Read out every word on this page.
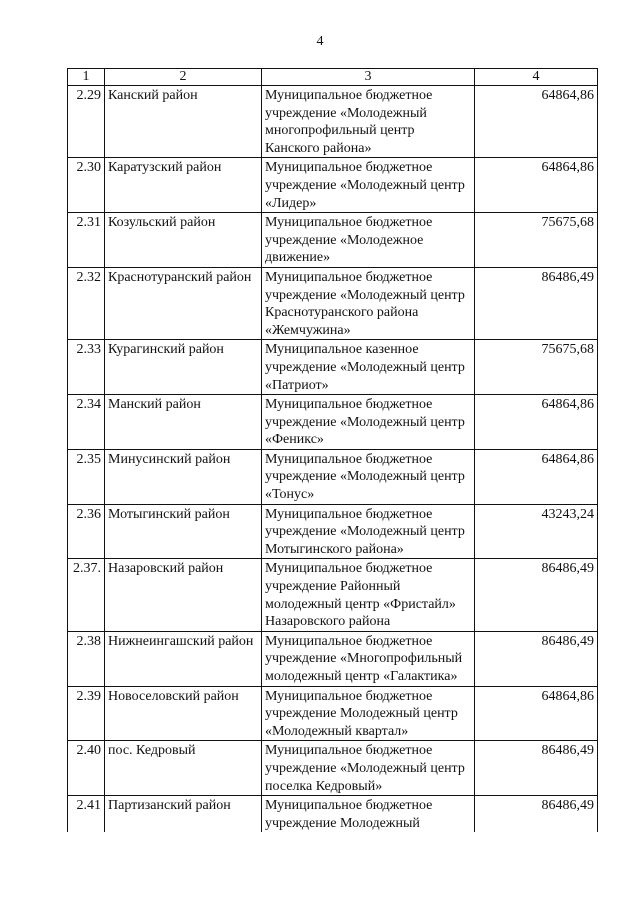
4
1	2	3	4
2.29	Канский район	Муниципальное бюджетное учреждение «Молодежный многопрофильный центр Канского района»	64864,86
2.30	Каратузский район	Муниципальное бюджетное учреждение «Молодежный центр «Лидер»	64864,86
2.31	Козульский район	Муниципальное бюджетное учреждение «Молодежное движение»	75675,68
2.32	Краснотуранский район	Муниципальное бюджетное учреждение «Молодежный центр Краснотуранского района «Жемчужина»	86486,49
2.33	Курагинский район	Муниципальное казенное учреждение «Молодежный центр «Патриот»	75675,68
2.34	Манский район	Муниципальное бюджетное учреждение «Молодежный центр «Феникс»	64864,86
2.35	Минусинский район	Муниципальное бюджетное учреждение «Молодежный центр «Тонус»	64864,86
2.36	Мотыгинский район	Муниципальное бюджетное учреждение «Молодежный центр Мотыгинского района»	43243,24
2.37.	Назаровский район	Муниципальное бюджетное учреждение Районный молодежный центр «Фристайл» Назаровского района	86486,49
2.38	Нижнеингашский район	Муниципальное бюджетное учреждение «Многопрофильный молодежный центр «Галактика»	86486,49
2.39	Новоселовский район	Муниципальное бюджетное учреждение Молодежный центр «Молодежный квартал»	64864,86
2.40	пос. Кедровый	Муниципальное бюджетное учреждение «Молодежный центр поселка Кедровый»	86486,49
2.41	Партизанский район	Муниципальное бюджетное учреждение Молодежный	86486,49
